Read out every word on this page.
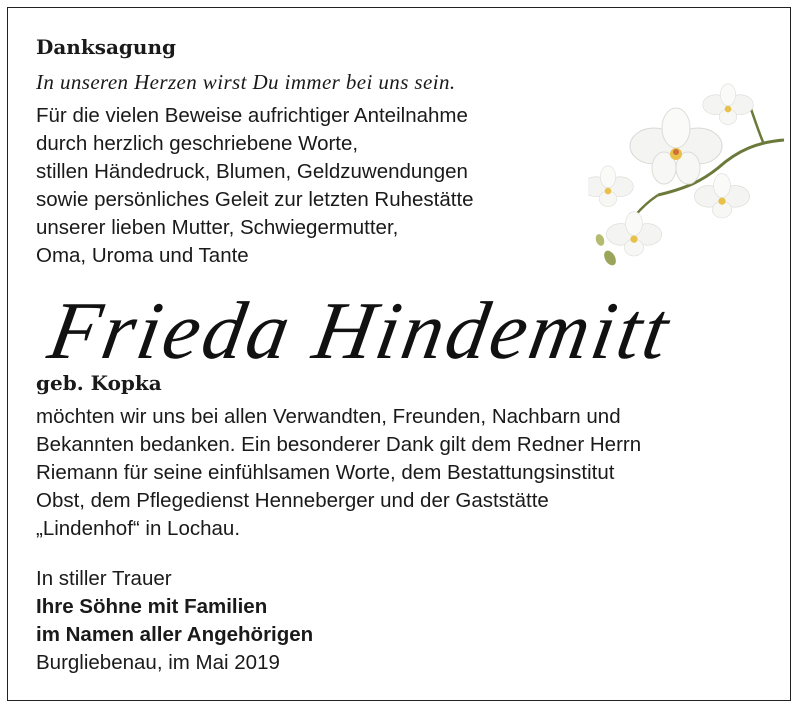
Danksagung
In unseren Herzen wirst Du immer bei uns sein.
Für die vielen Beweise aufrichtiger Anteilnahme
durch herzlich geschriebene Worte,
stillen Händedruck, Blumen, Geldzuwendungen
sowie persönliches Geleit zur letzten Ruhestätte
unserer lieben Mutter, Schwiegermutter,
Oma, Uroma und Tante
Frieda Hindemitt
geb. Kopka
möchten wir uns bei allen Verwandten, Freunden, Nachbarn und
Bekannten bedanken. Ein besonderer Dank gilt dem Redner Herrn
Riemann für seine einfühlsamen Worte, dem Bestattungsinstitut
Obst, dem Pflegedienst Henneberger und der Gaststätte
„Lindenhof“ in Lochau.
In stiller Trauer
Ihre Söhne mit Familien
im Namen aller Angehörigen
Burgliebenau, im Mai 2019
